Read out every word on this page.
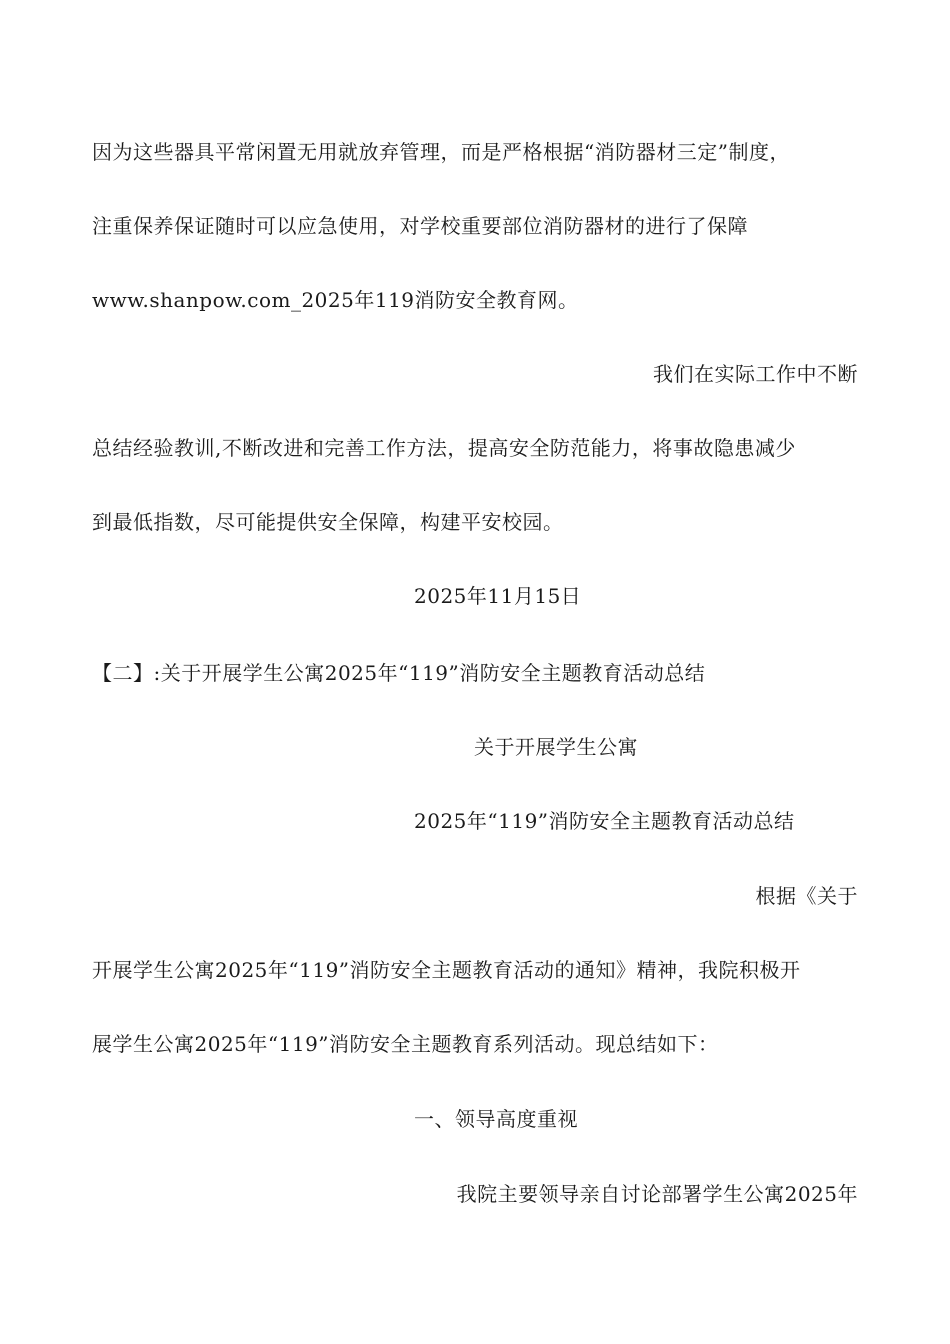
因为这些器具平常闲置无用就放弃管理，而是严格根据“消防器材三定”制度，
注重保养保证随时可以应急使用，对学校重要部位消防器材的进行了保障
www.shanpow.com_2025年119消防安全教育网。
我们在实际工作中不断
总结经验教训,不断改进和完善工作方法，提高安全防范能力，将事故隐患减少
到最低指数，尽可能提供安全保障，构建平安校园。
2025年11月15日
【二】:关于开展学生公寓2025年“119”消防安全主题教育活动总结
关于开展学生公寓
2025年“119”消防安全主题教育活动总结
根据《关于
开展学生公寓2025年“119”消防安全主题教育活动的通知》精神，我院积极开
展学生公寓2025年“119”消防安全主题教育系列活动。现总结如下：
一、领导高度重视
我院主要领导亲自讨论部署学生公寓2025年
